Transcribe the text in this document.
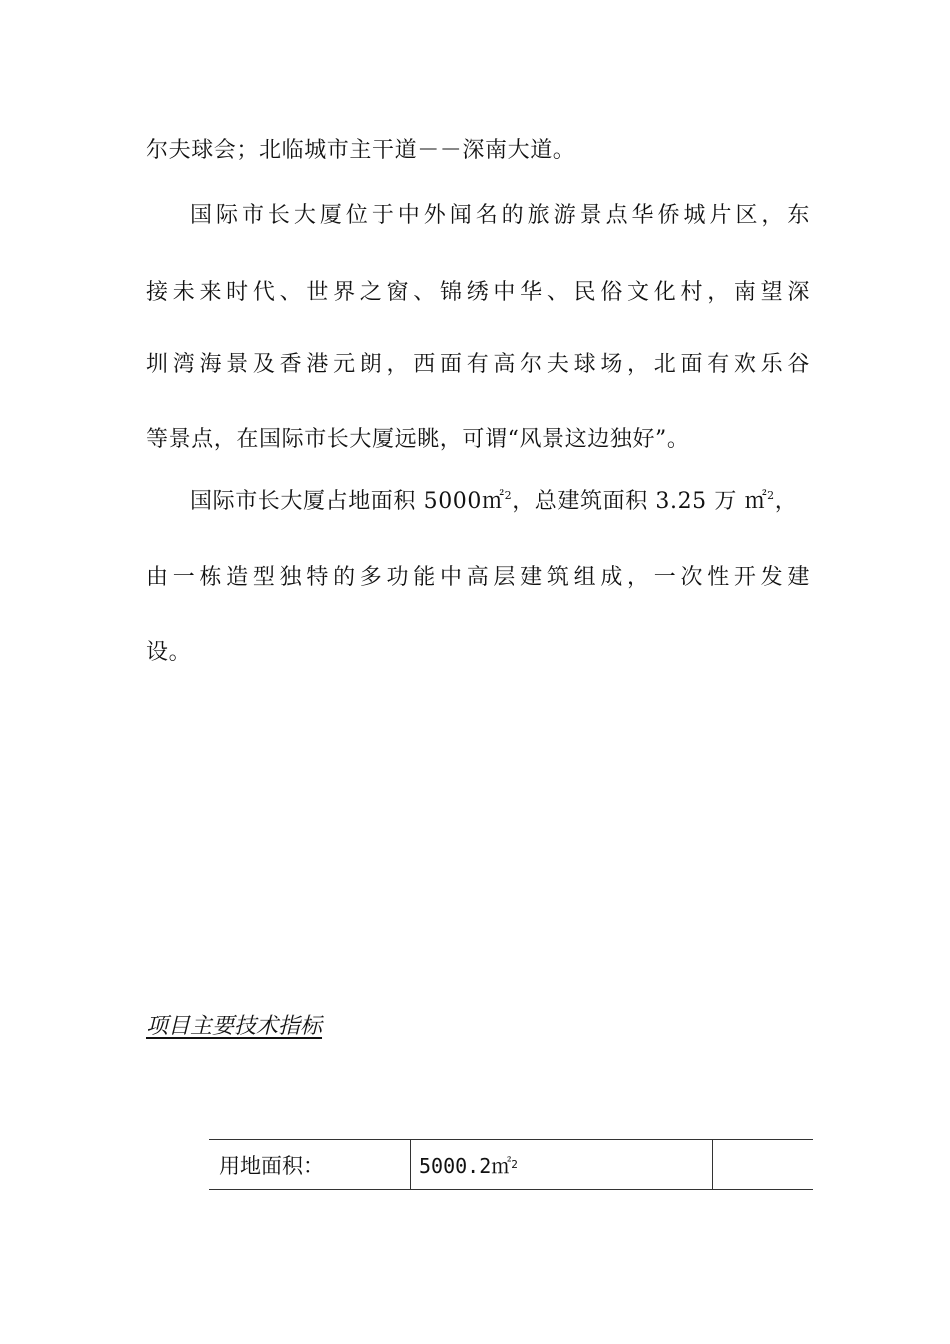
尔夫球会；北临城市主干道－－深南大道。
国际市长大厦位于中外闻名的旅游景点华侨城片区，东
接未来时代、世界之窗、锦绣中华、民俗文化村，南望深
圳湾海景及香港元朗，西面有高尔夫球场，北面有欢乐谷
等景点，在国际市长大厦远眺，可谓“风景这边独好”。
国际市长大厦占地面积 5000㎡$^2$，总建筑面积 3.25 万 ㎡$^2$，
由一栋造型独特的多功能中高层建筑组成，一次性开发建
设。
项目主要技术指标
用地面积：	5000.2㎡ 2
